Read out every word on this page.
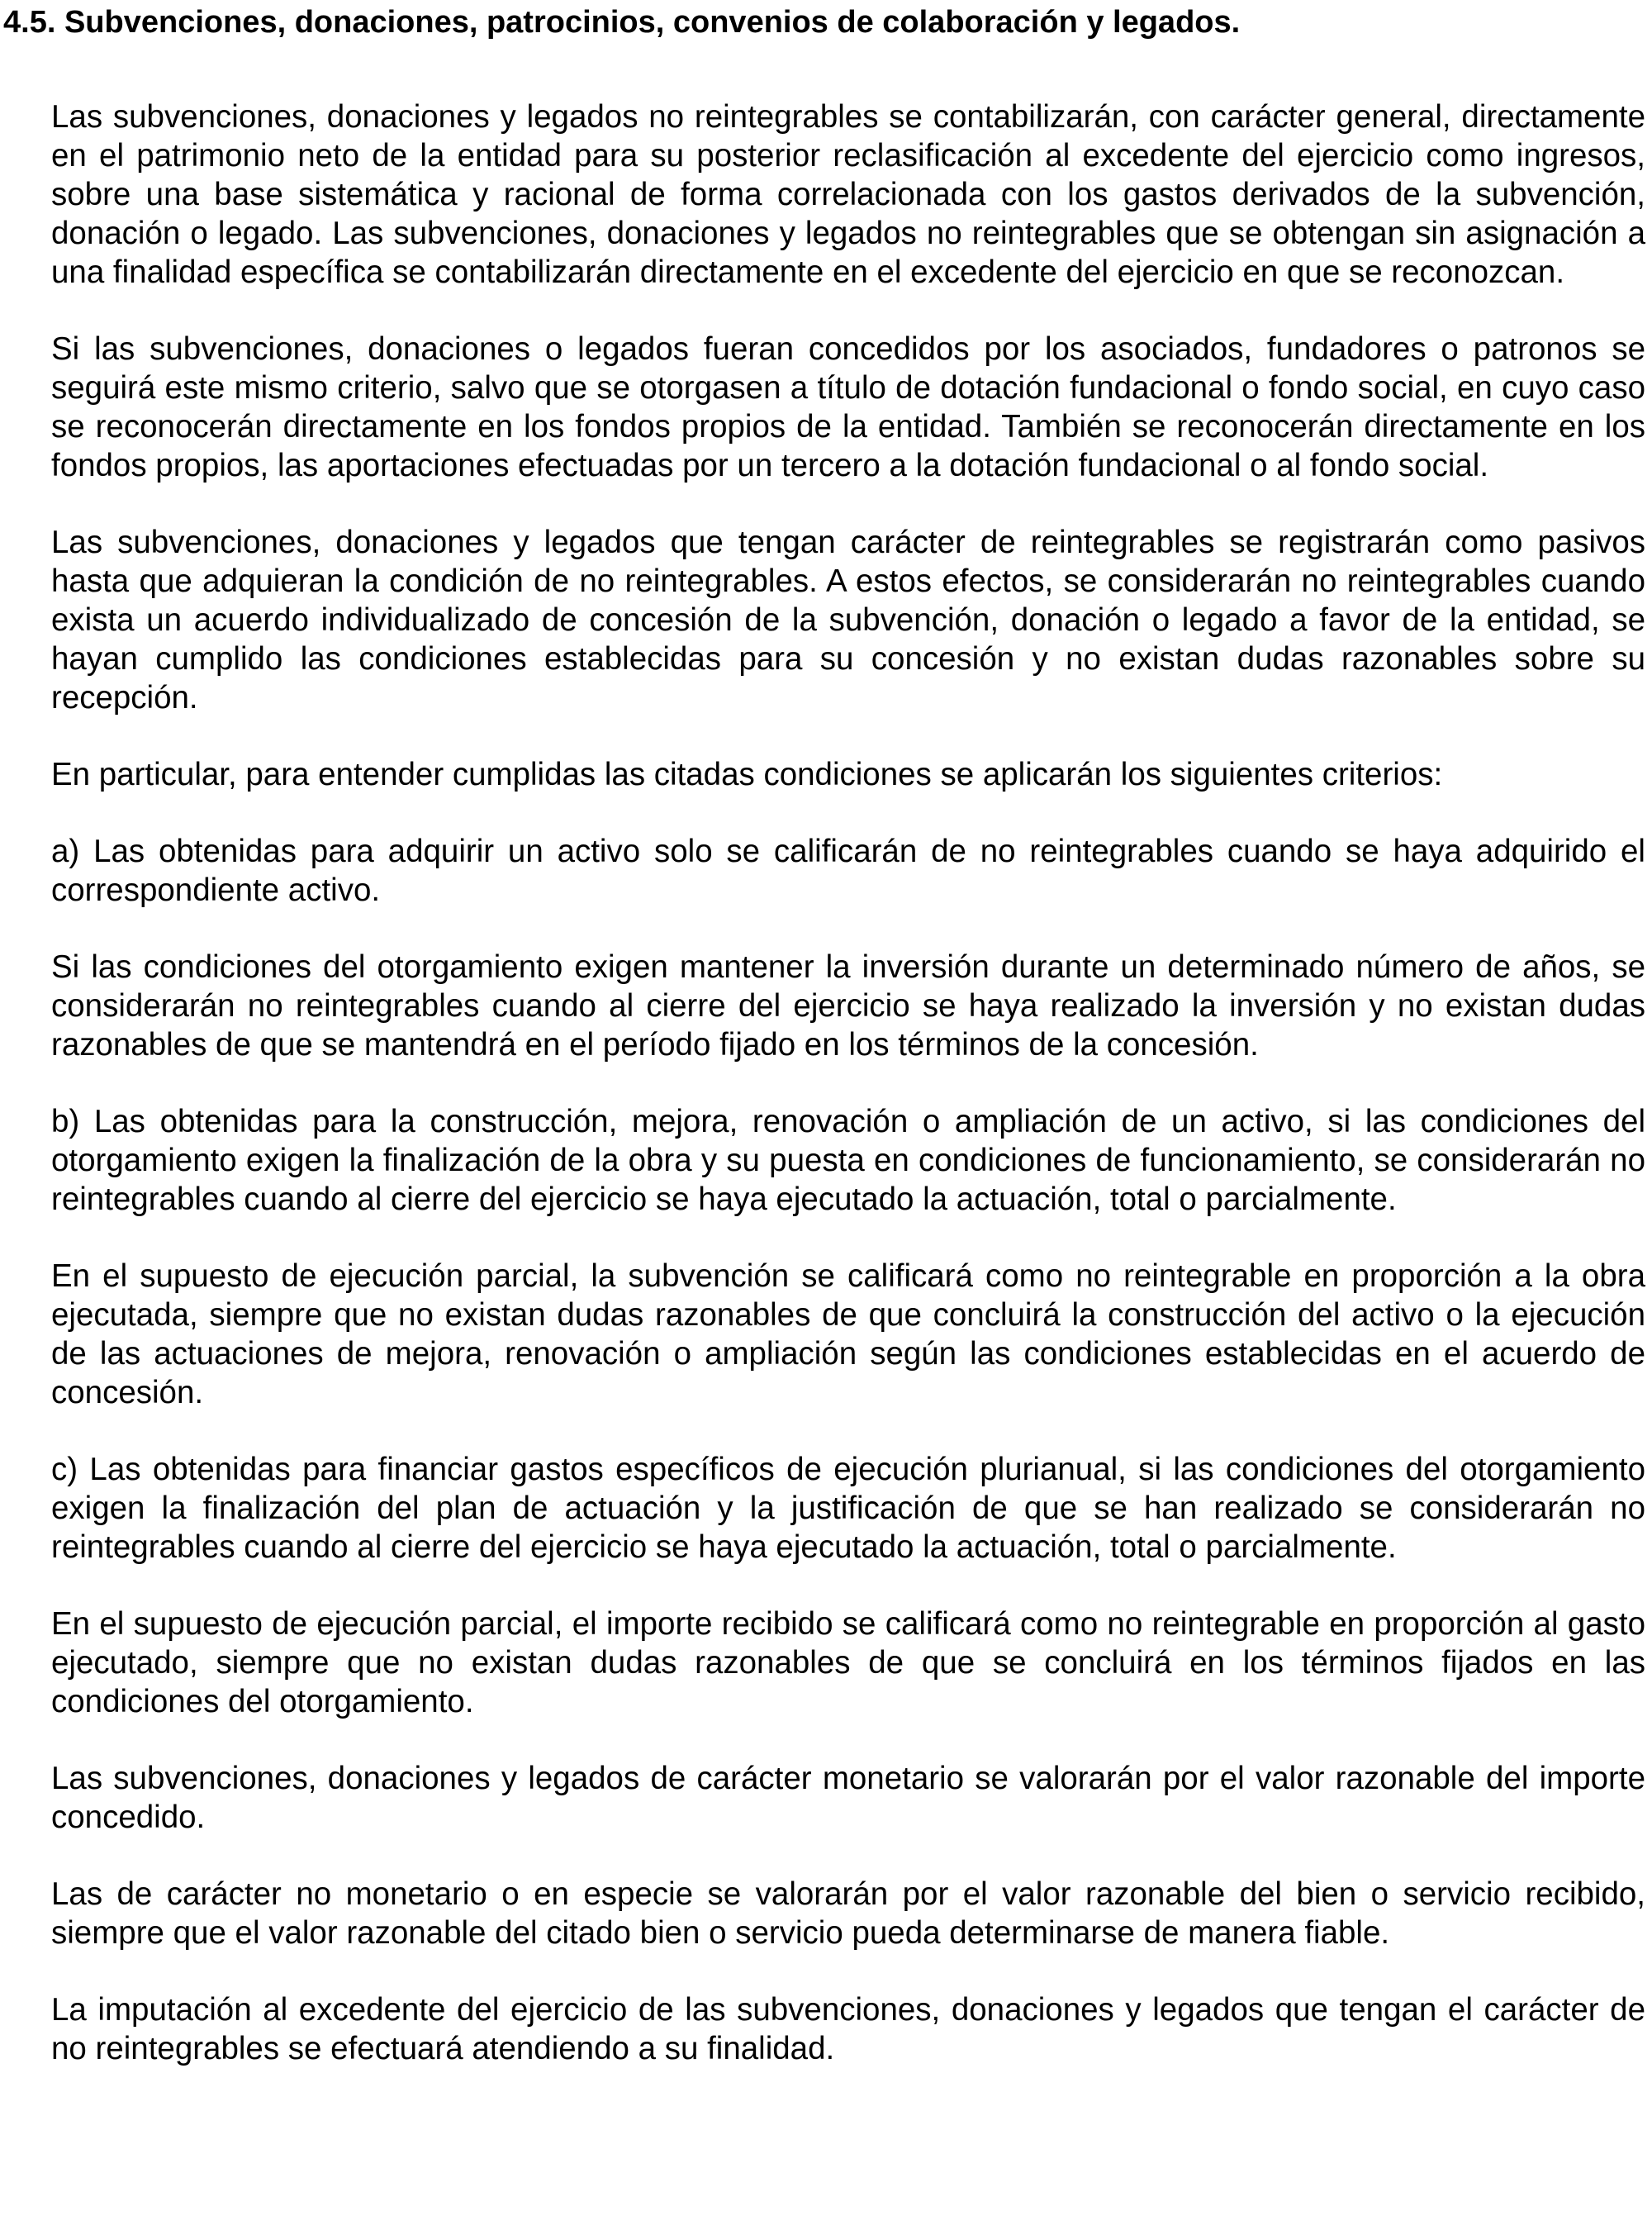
4.5. Subvenciones, donaciones, patrocinios, convenios de colaboración y legados.

Las subvenciones, donaciones y legados no reintegrables se contabilizarán, con carácter general, directamente en el patrimonio neto de la entidad para su posterior reclasificación al excedente del ejercicio como ingresos, sobre una base sistemática y racional de forma correlacionada con los gastos derivados de la subvención, donación o legado. Las subvenciones, donaciones y legados no reintegrables que se obtengan sin asignación a una finalidad específica se contabilizarán directamente en el excedente del ejercicio en que se reconozcan.

Si las subvenciones, donaciones o legados fueran concedidos por los asociados, fundadores o patronos se seguirá este mismo criterio, salvo que se otorgasen a título de dotación fundacional o fondo social, en cuyo caso se reconocerán directamente en los fondos propios de la entidad. También se reconocerán directamente en los fondos propios, las aportaciones efectuadas por un tercero a la dotación fundacional o al fondo social.

Las subvenciones, donaciones y legados que tengan carácter de reintegrables se registrarán como pasivos hasta que adquieran la condición de no reintegrables. A estos efectos, se considerarán no reintegrables cuando exista un acuerdo individualizado de concesión de la subvención, donación o legado a favor de la entidad, se hayan cumplido las condiciones establecidas para su concesión y no existan dudas razonables sobre su recepción.

En particular, para entender cumplidas las citadas condiciones se aplicarán los siguientes criterios:

a) Las obtenidas para adquirir un activo solo se calificarán de no reintegrables cuando se haya adquirido el correspondiente activo.

Si las condiciones del otorgamiento exigen mantener la inversión durante un determinado número de años, se considerarán no reintegrables cuando al cierre del ejercicio se haya realizado la inversión y no existan dudas razonables de que se mantendrá en el período fijado en los términos de la concesión.

b) Las obtenidas para la construcción, mejora, renovación o ampliación de un activo, si las condiciones del otorgamiento exigen la finalización de la obra y su puesta en condiciones de funcionamiento, se considerarán no reintegrables cuando al cierre del ejercicio se haya ejecutado la actuación, total o parcialmente.

En el supuesto de ejecución parcial, la subvención se calificará como no reintegrable en proporción a la obra ejecutada, siempre que no existan dudas razonables de que concluirá la construcción del activo o la ejecución de las actuaciones de mejora, renovación o ampliación según las condiciones establecidas en el acuerdo de concesión.

c) Las obtenidas para financiar gastos específicos de ejecución plurianual, si las condiciones del otorgamiento exigen la finalización del plan de actuación y la justificación de que se han realizado se considerarán no reintegrables cuando al cierre del ejercicio se haya ejecutado la actuación, total o parcialmente.

En el supuesto de ejecución parcial, el importe recibido se calificará como no reintegrable en proporción al gasto ejecutado, siempre que no existan dudas razonables de que se concluirá en los términos fijados en las condiciones del otorgamiento.

Las subvenciones, donaciones y legados de carácter monetario se valorarán por el valor razonable del importe concedido.

Las de carácter no monetario o en especie se valorarán por el valor razonable del bien o servicio recibido, siempre que el valor razonable del citado bien o servicio pueda determinarse de manera fiable.

La imputación al excedente del ejercicio de las subvenciones, donaciones y legados que tengan el carácter de no reintegrables se efectuará atendiendo a su finalidad.
